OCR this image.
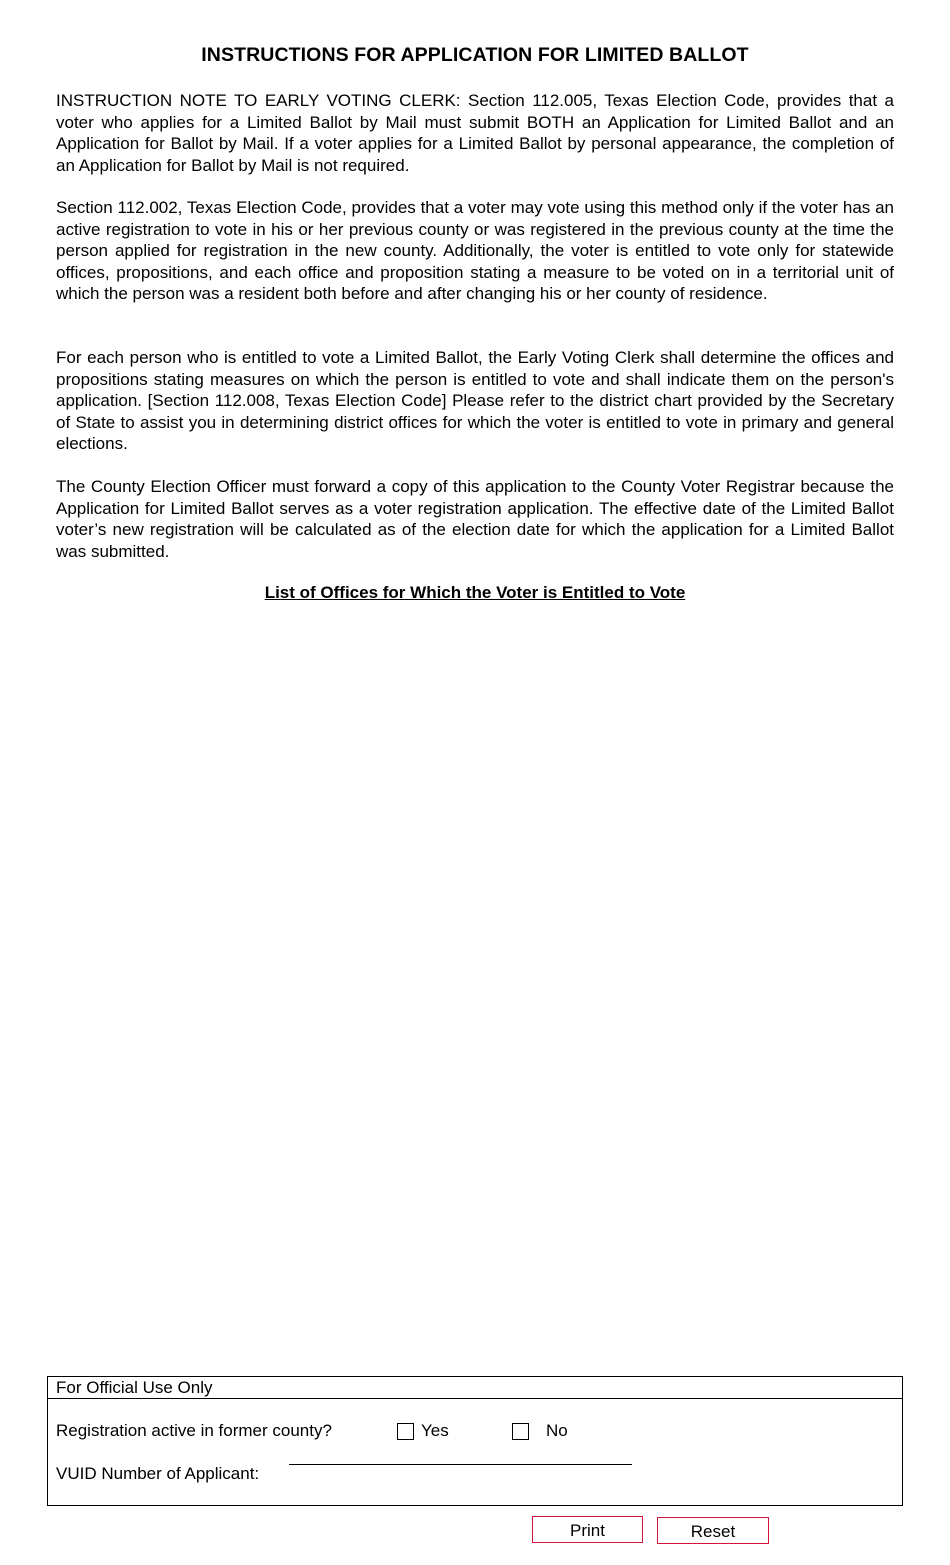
INSTRUCTIONS FOR APPLICATION FOR LIMITED BALLOT

INSTRUCTION NOTE TO EARLY VOTING CLERK: Section 112.005, Texas Election Code, provides that a voter who applies for a Limited Ballot by Mail must submit BOTH an Application for Limited Ballot and an Application for Ballot by Mail. If a voter applies for a Limited Ballot by personal appearance, the completion of an Application for Ballot by Mail is not required.

Section 112.002, Texas Election Code, provides that a voter may vote using this method only if the voter has an active registration to vote in his or her previous county or was registered in the previous county at the time the person applied for registration in the new county. Additionally, the voter is entitled to vote only for statewide offices, propositions, and each office and proposition stating a measure to be voted on in a territorial unit of which the person was a resident both before and after changing his or her county of residence.

For each person who is entitled to vote a Limited Ballot, the Early Voting Clerk shall determine the offices and propositions stating measures on which the person is entitled to vote and shall indicate them on the person's application. [Section 112.008, Texas Election Code] Please refer to the district chart provided by the Secretary of State to assist you in determining district offices for which the voter is entitled to vote in primary and general elections.

The County Election Officer must forward a copy of this application to the County Voter Registrar because the Application for Limited Ballot serves as a voter registration application. The effective date of the Limited Ballot voter’s new registration will be calculated as of the election date for which the application for a Limited Ballot was submitted.

List of Offices for Which the Voter is Entitled to Vote
For Official Use Only
Registration active in former county?	Yes	No
VUID Number of Applicant:
Print	Reset
